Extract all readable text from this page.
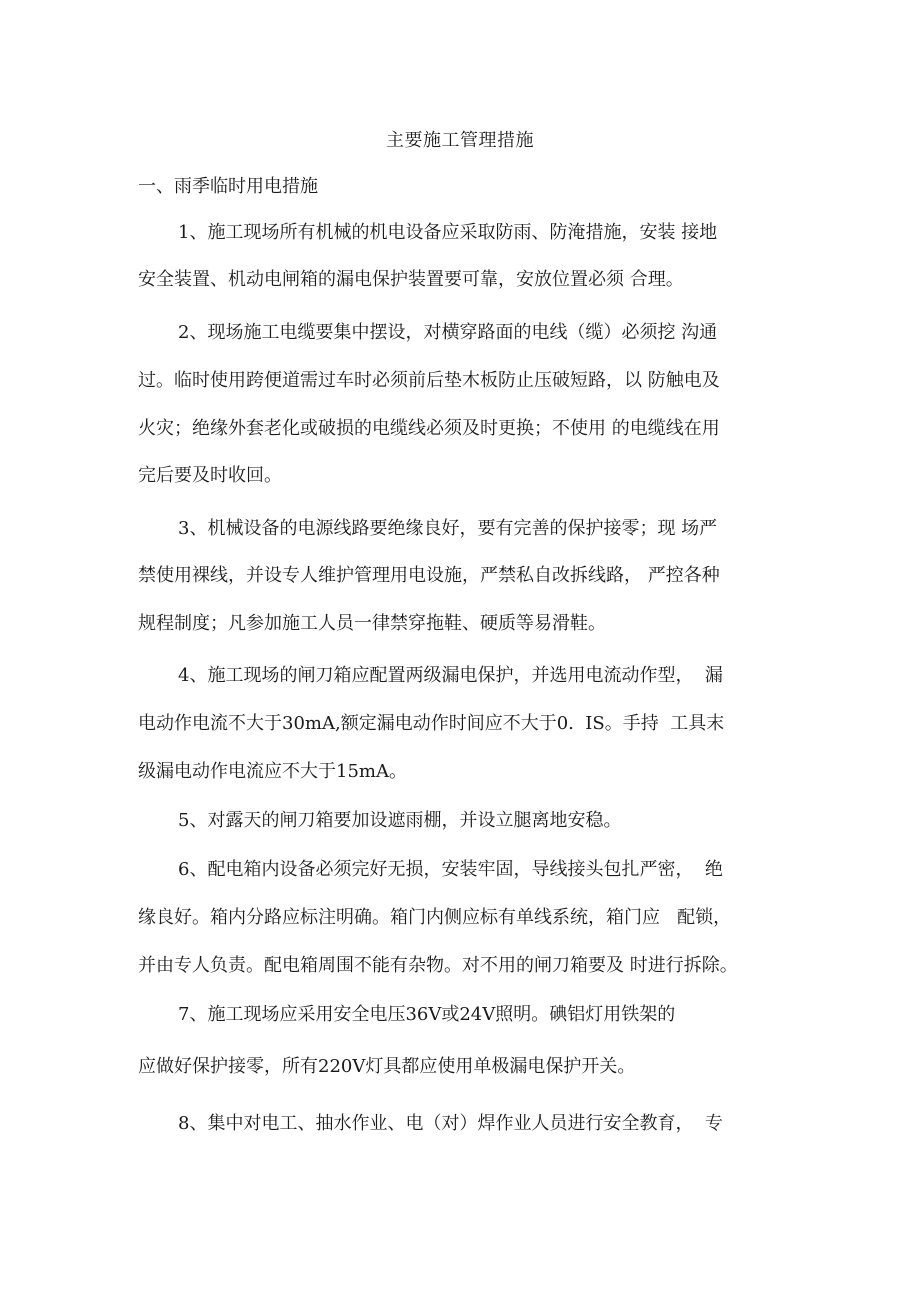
主要施工管理措施
一、雨季临时用电措施

1、施工现场所有机械的机电设备应采取防雨、防淹措施，安装 接地

安全装置、机动电闸箱的漏电保护装置要可靠，安放位置必须 合理。

2、现场施工电缆要集中摆设，对横穿路面的电线（缆）必须挖 沟通

过。临时使用跨便道需过车时必须前后垫木板防止压破短路，以 防触电及

火灾；绝缘外套老化或破损的电缆线必须及时更换；不使用 的电缆线在用

完后要及时收回。

3、机械设备的电源线路要绝缘良好，要有完善的保护接零；现 场严

禁使用裸线，并设专人维护管理用电设施，严禁私自改拆线路， 严控各种

规程制度；凡参加施工人员一律禁穿拖鞋、硬质等易滑鞋。

4、施工现场的闸刀箱应配置两级漏电保护，并选用电流动作型，  漏

电动作电流不大于30mA,额定漏电动作时间应不大于0.  IS。手持  工具末

级漏电动作电流应不大于15mA。

5、对露天的闸刀箱要加设遮雨棚，并设立腿离地安稳。

6、配电箱内设备必须完好无损，安装牢固，导线接头包扎严密，  绝

缘良好。箱内分路应标注明确。箱门内侧应标有单线系统，箱门应   配锁，

并由专人负责。配电箱周围不能有杂物。对不用的闸刀箱要及 时进行拆除。

7、施工现场应采用安全电压36V或24V照明。碘铝灯用铁架的

应做好保护接零，所有220V灯具都应使用单极漏电保护开关。

8、集中对电工、抽水作业、电（对）焊作业人员进行安全教育，  专
